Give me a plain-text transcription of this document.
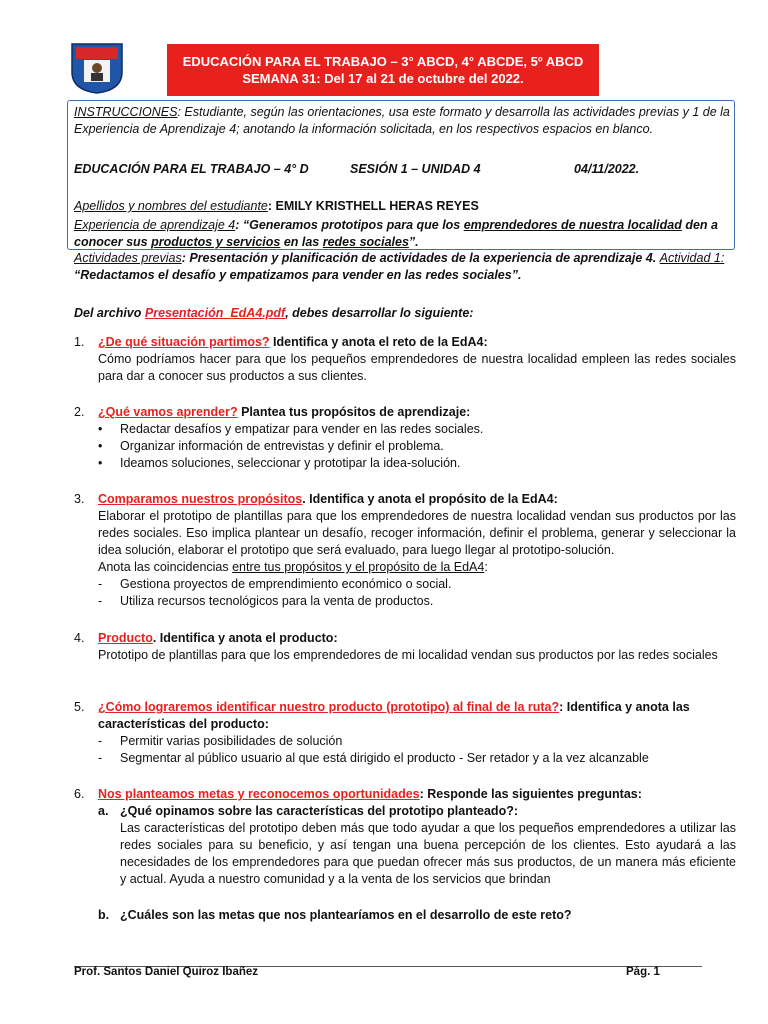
EDUCACIÓN PARA EL TRABAJO – 3° ABCD, 4° ABCDE, 5º ABCD
SEMANA 31: Del 17 al 21 de octubre del 2022.
INSTRUCCIONES: Estudiante, según las orientaciones, usa este formato y desarrolla las actividades previas y 1 de la Experiencia de Aprendizaje 4; anotando la información solicitada, en los respectivos espacios en blanco.
EDUCACIÓN PARA EL TRABAJO – 4° D	SESIÓN 1 – UNIDAD 4	04/11/2022.
Apellidos y nombres del estudiante: EMILY KRISTHELL HERAS REYES
Experiencia de aprendizaje 4: “Generamos prototipos para que los emprendedores de nuestra localidad den a conocer sus productos y servicios en las redes sociales”.
Actividades previas: Presentación y planificación de actividades de la experiencia de aprendizaje 4. Actividad 1: “Redactamos el desafío y empatizamos para vender en las redes sociales”.
Del archivo Presentación_EdA4.pdf, debes desarrollar lo siguiente:
1. ¿De qué situación partimos? Identifica y anota el reto de la EdA4:
Cómo podríamos hacer para que los pequeños emprendedores de nuestra localidad empleen las redes sociales para dar a conocer sus productos a sus clientes.
2. ¿Qué vamos aprender? Plantea tus propósitos de aprendizaje:
• Redactar desafíos y empatizar para vender en las redes sociales.
• Organizar información de entrevistas y definir el problema.
• Ideamos soluciones, seleccionar y prototipar la idea-solución.
3. Comparamos nuestros propósitos. Identifica y anota el propósito de la EdA4:
Elaborar el prototipo de plantillas para que los emprendedores de nuestra localidad vendan sus productos por las redes sociales. Eso implica plantear un desafío, recoger información, definir el problema, generar y seleccionar la idea solución, elaborar el prototipo que será evaluado, para luego llegar al prototipo-solución.
Anota las coincidencias entre tus propósitos y el propósito de la EdA4:
- Gestiona proyectos de emprendimiento económico o social.
- Utiliza recursos tecnológicos para la venta de productos.
4. Producto. Identifica y anota el producto:
Prototipo de plantillas para que los emprendedores de mi localidad vendan sus productos por las redes sociales
5. ¿Cómo lograremos identificar nuestro producto (prototipo) al final de la ruta?: Identifica y anota las características del producto:
- Permitir varias posibilidades de solución
- Segmentar al público usuario al que está dirigido el producto - Ser retador y a la vez alcanzable
6. Nos planteamos metas y reconocemos oportunidades: Responde las siguientes preguntas:
a. ¿Qué opinamos sobre las características del prototipo planteado?:
Las características del prototipo deben más que todo ayudar a que los pequeños emprendedores a utilizar las redes sociales para su beneficio, y así tengan una buena percepción de los clientes. Esto ayudará a las necesidades de los emprendedores para que puedan ofrecer más sus productos, de un manera más eficiente y actual. Ayuda a nuestro comunidad y a la venta de los servicios que brindan
b. ¿Cuáles son las metas que nos plantearíamos en el desarrollo de este reto?
Prof. Santos Daniel Quiroz Ibañez	Pág. 1
